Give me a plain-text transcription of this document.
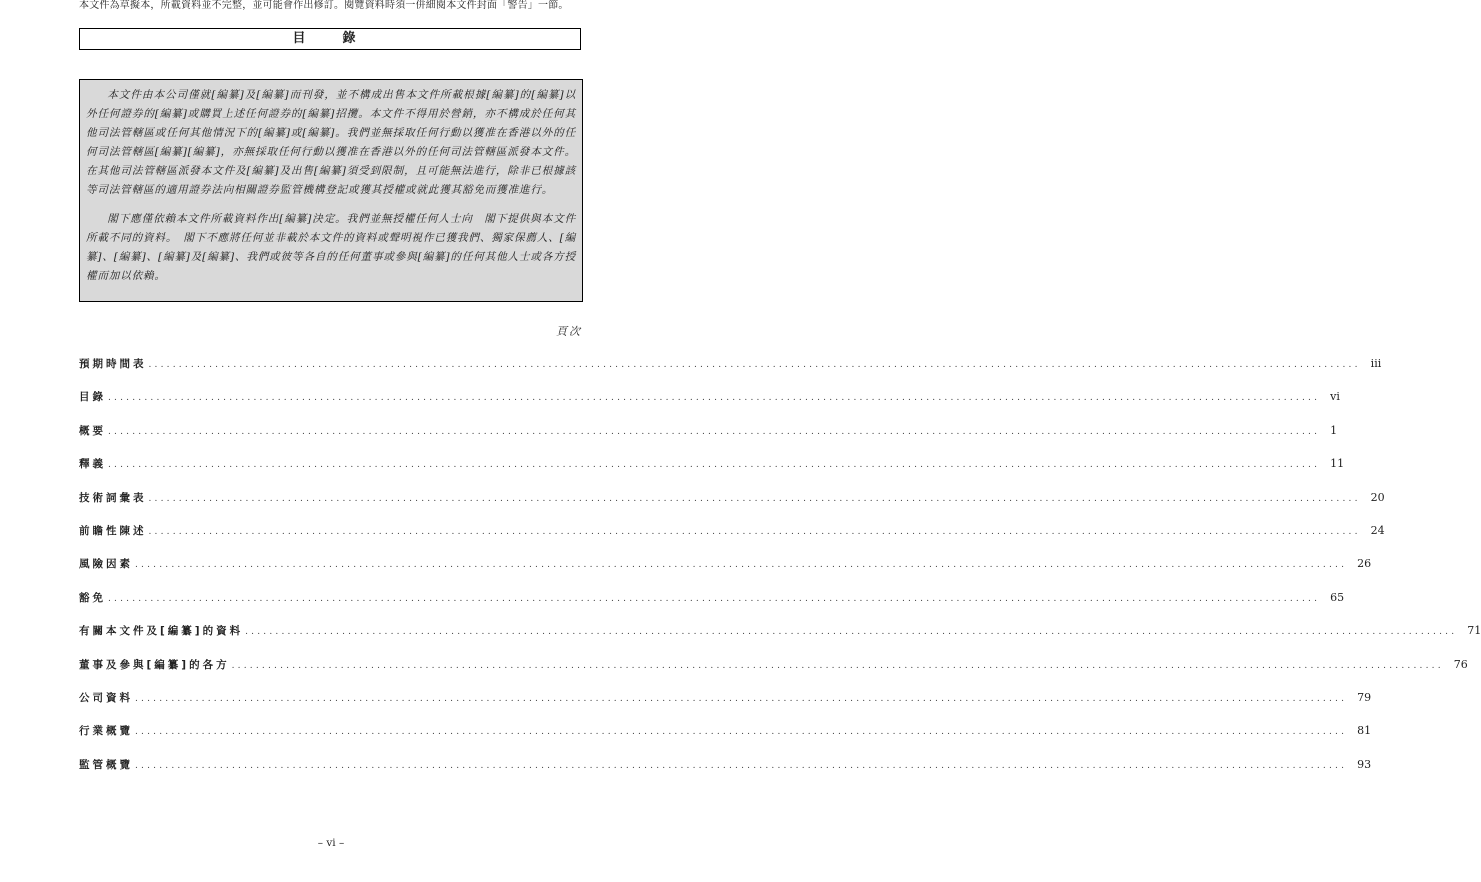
本文件為草擬本，所載資料並不完整，並可能會作出修訂。閱覽資料時須一併細閱本文件封面「警告」一節。
目　錄

本文件由本公司僅就[編纂]及[編纂]而刊發，並不構成出售本文件所載根據[編纂]的[編纂]以外任何證券的[編纂]或購買上述任何證券的[編纂]招攬。本文件不得用於營銷，亦不構成於任何其他司法管轄區或任何其他情況下的[編纂]或[編纂]。我們並無採取任何行動以獲准在香港以外的任何司法管轄區[編纂][編纂]，亦無採取任何行動以獲准在香港以外的任何司法管轄區派發本文件。在其他司法管轄區派發本文件及[編纂]及出售[編纂]須受到限制，且可能無法進行，除非已根據該等司法管轄區的適用證券法向相關證券監管機構登記或獲其授權或就此獲其豁免而獲准進行。

閣下應僅依賴本文件所載資料作出[編纂]決定。我們並無授權任何人士向　閣下提供與本文件所載不同的資料。　閣下不應將任何並非載於本文件的資料或聲明視作已獲我們、獨家保薦人、[編纂]、[編纂]、[編纂]及[編纂]、我們或彼等各自的任何董事或參與[編纂]的任何其他人士或各方授權而加以依賴。

頁次
預期時間表 ........................................................................................................................................................................................................ iii
目錄 ........................................................................................................................................................................................................ vi
概要 ........................................................................................................................................................................................................ 1
釋義 ........................................................................................................................................................................................................ 11
技術詞彙表 ........................................................................................................................................................................................................ 20
前瞻性陳述 ........................................................................................................................................................................................................ 24
風險因素 ........................................................................................................................................................................................................ 26
豁免 ........................................................................................................................................................................................................ 65
有關本文件及[編纂]的資料 ........................................................................................................................................................................................................ 71
董事及參與[編纂]的各方 ........................................................................................................................................................................................................ 76
公司資料 ........................................................................................................................................................................................................ 79
行業概覽 ........................................................................................................................................................................................................ 81
監管概覽 ........................................................................................................................................................................................................ 93
– vi –
